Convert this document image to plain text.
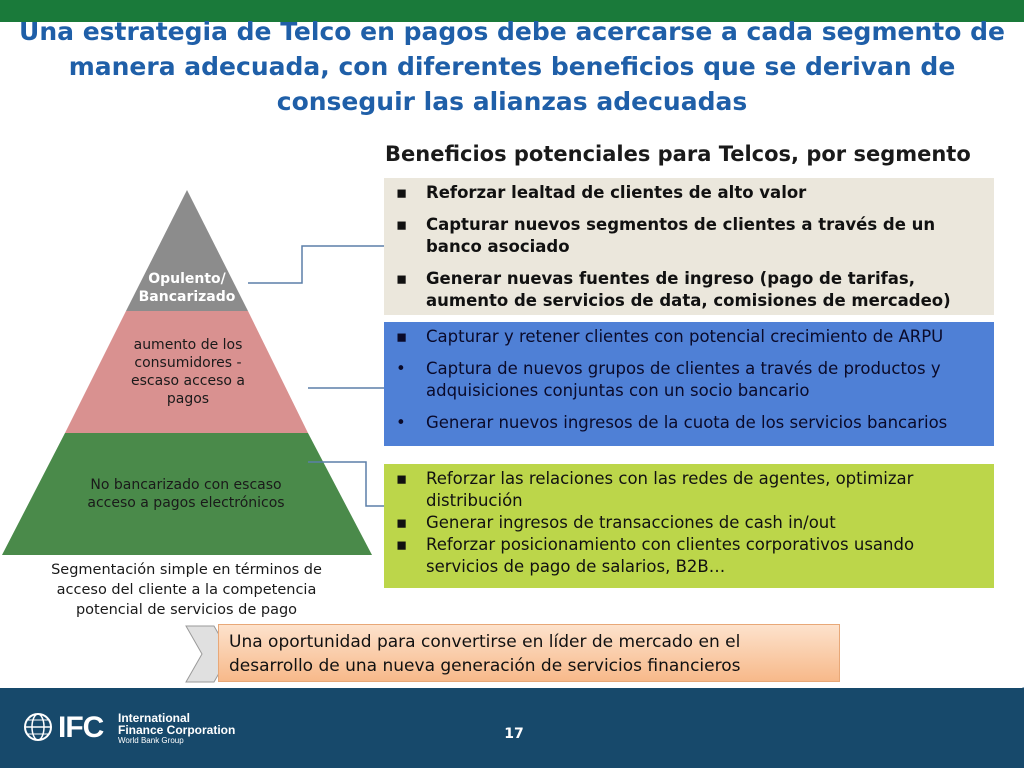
Una estrategia de Telco en pagos debe acercarse a cada segmento de manera adecuada, con diferentes beneficios que se derivan de conseguir las alianzas adecuadas
Beneficios potenciales para Telcos, por segmento
Opulento/
Bancarizado
aumento de los consumidores - escaso acceso a pagos
No bancarizado con escaso acceso a pagos electrónicos
Segmentación simple en términos de acceso del cliente a la competencia potencial de servicios de pago
▪	Reforzar lealtad de clientes de alto valor
▪	Capturar nuevos segmentos de clientes a través de un banco asociado
▪	Generar nuevas fuentes de ingreso (pago de tarifas, aumento de servicios de data, comisiones de mercadeo)
▪	Capturar y retener clientes con potencial crecimiento de ARPU
•	Captura de nuevos grupos de clientes a través de productos y adquisiciones conjuntas con un socio bancario
•	Generar nuevos ingresos de la cuota de los servicios bancarios
▪	Reforzar las relaciones con las redes de agentes, optimizar distribución
▪	Generar ingresos de transacciones de cash in/out
▪	Reforzar posicionamiento con clientes corporativos usando servicios de pago de salarios, B2B…
Una oportunidad para convertirse en líder de mercado en el desarrollo de una nueva generación de servicios financieros
IFC International
Finance Corporation
World Bank Group	17
